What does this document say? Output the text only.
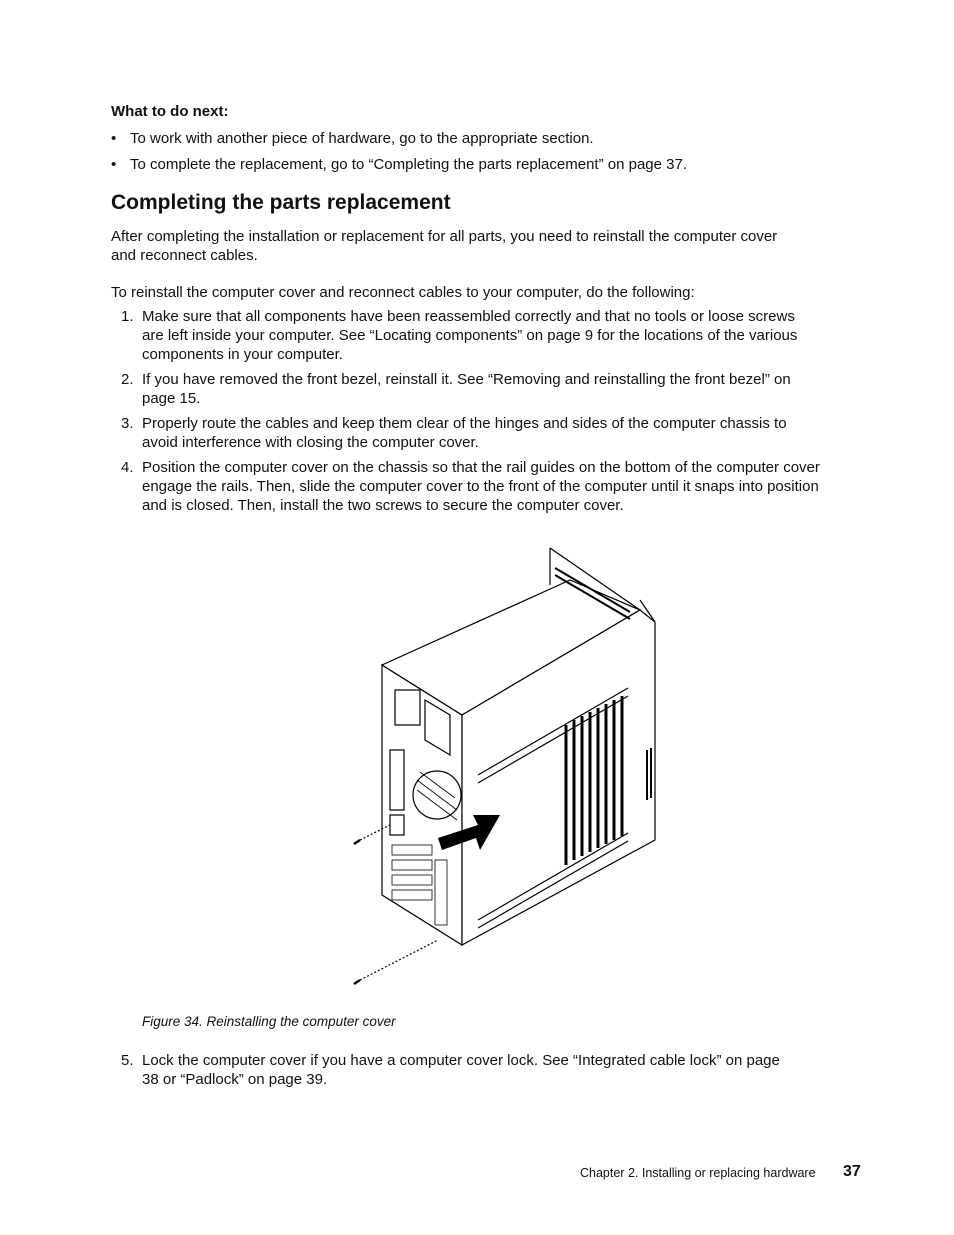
What to do next:
• To work with another piece of hardware, go to the appropriate section.
• To complete the replacement, go to “Completing the parts replacement” on page 37.
Completing the parts replacement
After completing the installation or replacement for all parts, you need to reinstall the computer cover
and reconnect cables.
To reinstall the computer cover and reconnect cables to your computer, do the following:
1. Make sure that all components have been reassembled correctly and that no tools or loose screws
are left inside your computer. See “Locating components” on page 9 for the locations of the various
components in your computer.
2. If you have removed the front bezel, reinstall it. See “Removing and reinstalling the front bezel” on
page 15.
3. Properly route the cables and keep them clear of the hinges and sides of the computer chassis to
avoid interference with closing the computer cover.
4. Position the computer cover on the chassis so that the rail guides on the bottom of the computer cover
engage the rails. Then, slide the computer cover to the front of the computer until it snaps into position
and is closed. Then, install the two screws to secure the computer cover.
Figure 34. Reinstalling the computer cover
5. Lock the computer cover if you have a computer cover lock. See “Integrated cable lock” on page
38 or “Padlock” on page 39.
Chapter 2. Installing or replacing hardware 37
